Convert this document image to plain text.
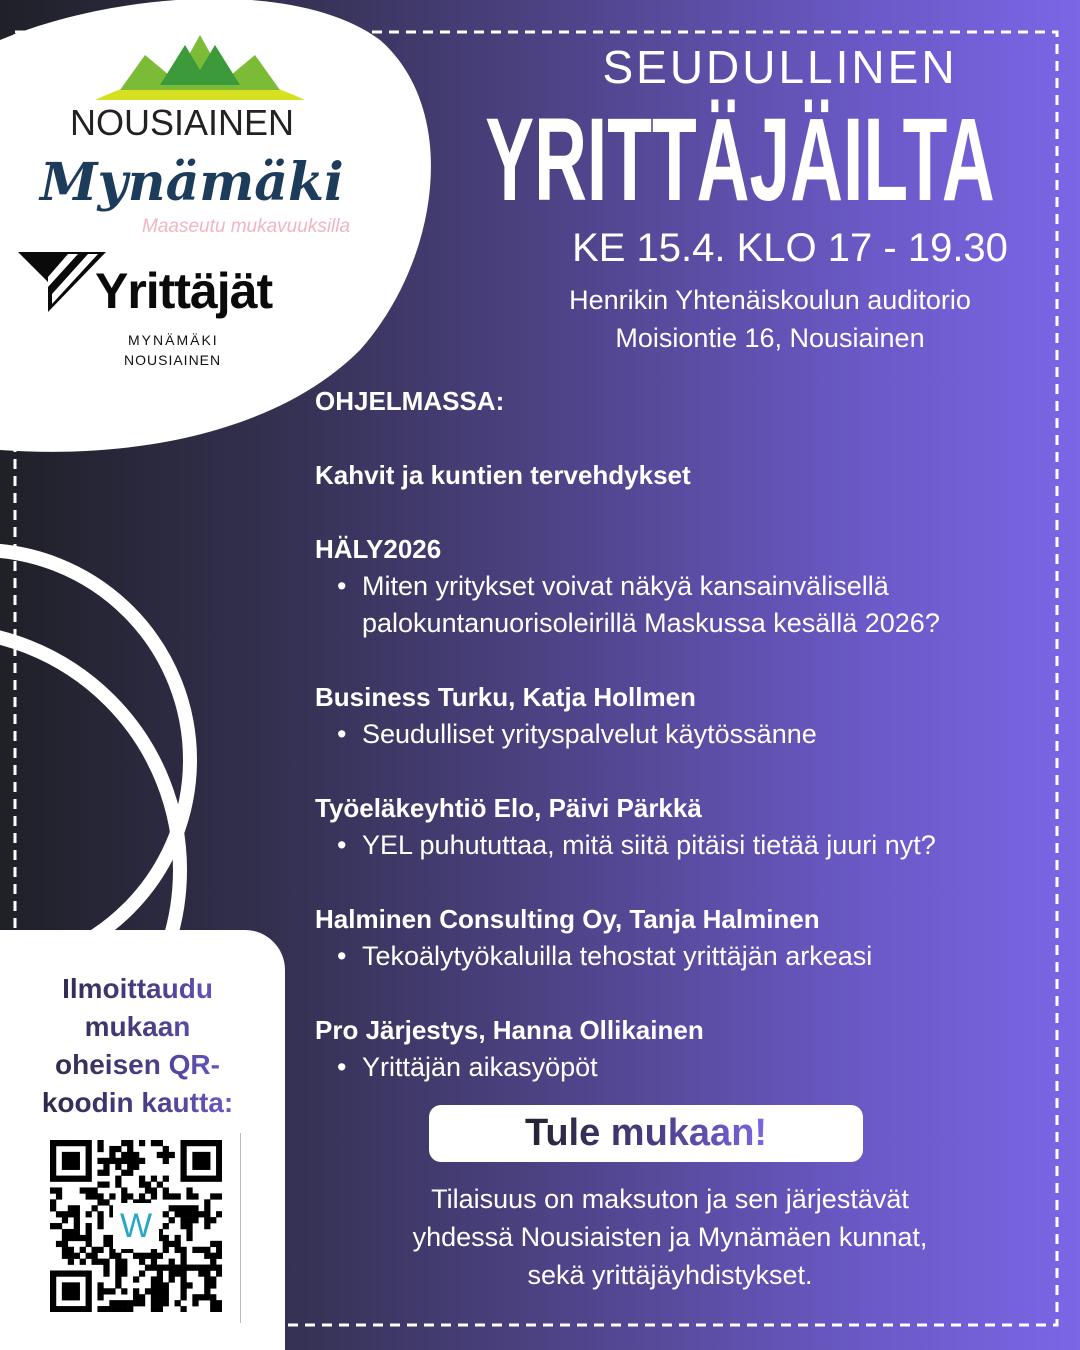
NOUSIAINEN
Mynämäki
Maaseutu mukavuuksilla
Yrittäjät
MYNÄMÄKI
NOUSIAINEN
SEUDULLINEN
YRITTÄJÄILTA
KE 15.4. KLO 17 - 19.30
Henrikin Yhtenäiskoulun auditorio
Moisiontie 16, Nousiainen
OHJELMASSA:
Kahvit ja kuntien tervehdykset
HÄLY2026
• Miten yritykset voivat näkyä kansainvälisellä
palokuntanuorisoleirillä Maskussa kesällä 2026?
Business Turku, Katja Hollmen
• Seudulliset yrityspalvelut käytössänne
Työeläkeyhtiö Elo, Päivi Pärkkä
• YEL puhututtaa, mitä siitä pitäisi tietää juuri nyt?
Halminen Consulting Oy, Tanja Halminen
• Tekoälytyökaluilla tehostat yrittäjän arkeasi
Pro Järjestys, Hanna Ollikainen
• Yrittäjän aikasyöpöt
Tule mukaan!
Tilaisuus on maksuton ja sen järjestävät
yhdessä Nousiaisten ja Mynämäen kunnat,
sekä yrittäjäyhdistykset.
Ilmoittaudu
mukaan
oheisen QR-
koodin kautta:
W
